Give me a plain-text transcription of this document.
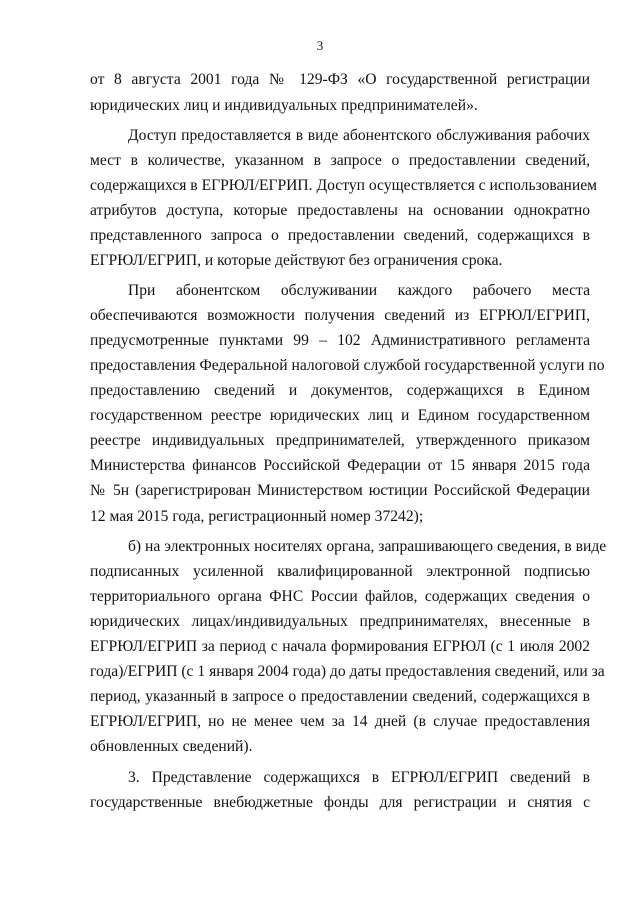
3
от 8 августа 2001 года № 129-ФЗ «О государственной регистрации
юридических лиц и индивидуальных предпринимателей».
Доступ предоставляется в виде абонентского обслуживания рабочих
мест в количестве, указанном в запросе о предоставлении сведений,
содержащихся в ЕГРЮЛ/ЕГРИП. Доступ осуществляется с использованием
атрибутов доступа, которые предоставлены на основании однократно
представленного запроса о предоставлении сведений, содержащихся в
ЕГРЮЛ/ЕГРИП, и которые действуют без ограничения срока.
При абонентском обслуживании каждого рабочего места
обеспечиваются возможности получения сведений из ЕГРЮЛ/ЕГРИП,
предусмотренные пунктами 99 – 102 Административного регламента
предоставления Федеральной налоговой службой государственной услуги по
предоставлению сведений и документов, содержащихся в Едином
государственном реестре юридических лиц и Едином государственном
реестре индивидуальных предпринимателей, утвержденного приказом
Министерства финансов Российской Федерации от 15 января 2015 года
№ 5н (зарегистрирован Министерством юстиции Российской Федерации
12 мая 2015 года, регистрационный номер 37242);
б) на электронных носителях органа, запрашивающего сведения, в виде
подписанных усиленной квалифицированной электронной подписью
территориального органа ФНС России файлов, содержащих сведения о
юридических лицах/индивидуальных предпринимателях, внесенные в
ЕГРЮЛ/ЕГРИП за период с начала формирования ЕГРЮЛ (с 1 июля 2002
года)/ЕГРИП (с 1 января 2004 года) до даты предоставления сведений, или за
период, указанный в запросе о предоставлении сведений, содержащихся в
ЕГРЮЛ/ЕГРИП, но не менее чем за 14 дней (в случае предоставления
обновленных сведений).
3. Представление содержащихся в ЕГРЮЛ/ЕГРИП сведений в
государственные внебюджетные фонды для регистрации и снятия с
